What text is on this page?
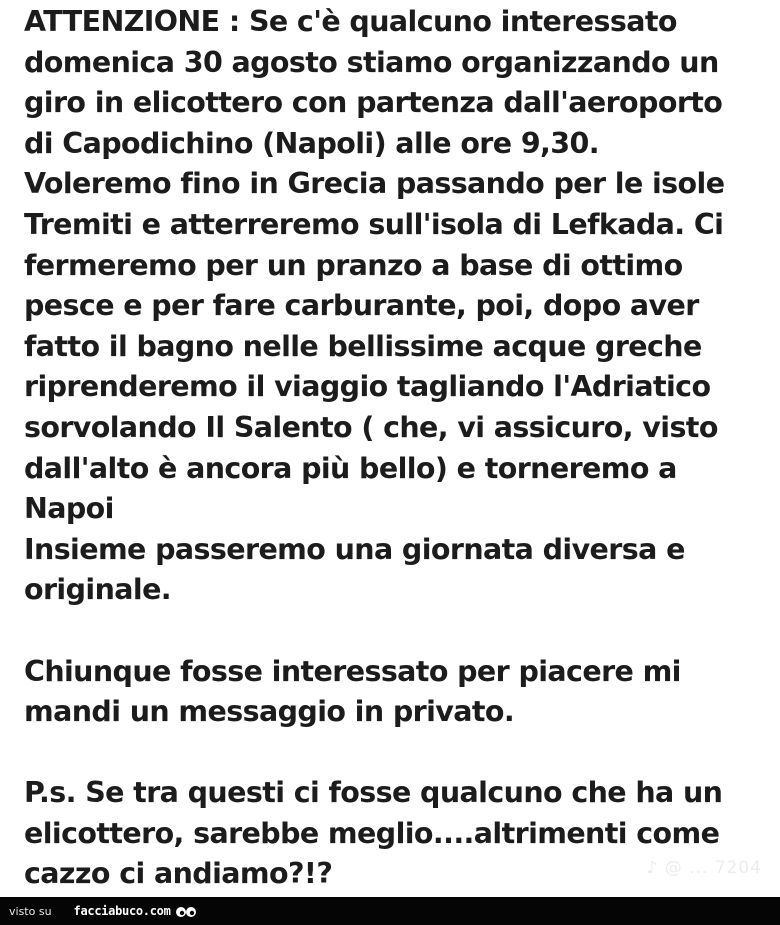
ATTENZIONE : Se c'è qualcuno interessato
domenica 30 agosto stiamo organizzando un
giro in elicottero con partenza dall'aeroporto
di Capodichino (Napoli) alle ore 9,30.
Voleremo fino in Grecia passando per le isole
Tremiti e atterreremo sull'isola di Lefkada. Ci
fermeremo per un pranzo a base di ottimo
pesce e per fare carburante, poi, dopo aver
fatto il bagno nelle bellissime acque greche
riprenderemo il viaggio tagliando l'Adriatico
sorvolando Il Salento ( che, vi assicuro, visto
dall'alto è ancora più bello) e torneremo a
Napoi
Insieme passeremo una giornata diversa e
originale.

Chiunque fosse interessato per piacere mi
mandi un messaggio in privato.

P.s. Se tra questi ci fosse qualcuno che ha un
elicottero, sarebbe meglio....altrimenti come
cazzo ci andiamo?!?	♪ @ ... 7204
visto su facciabuco.com
